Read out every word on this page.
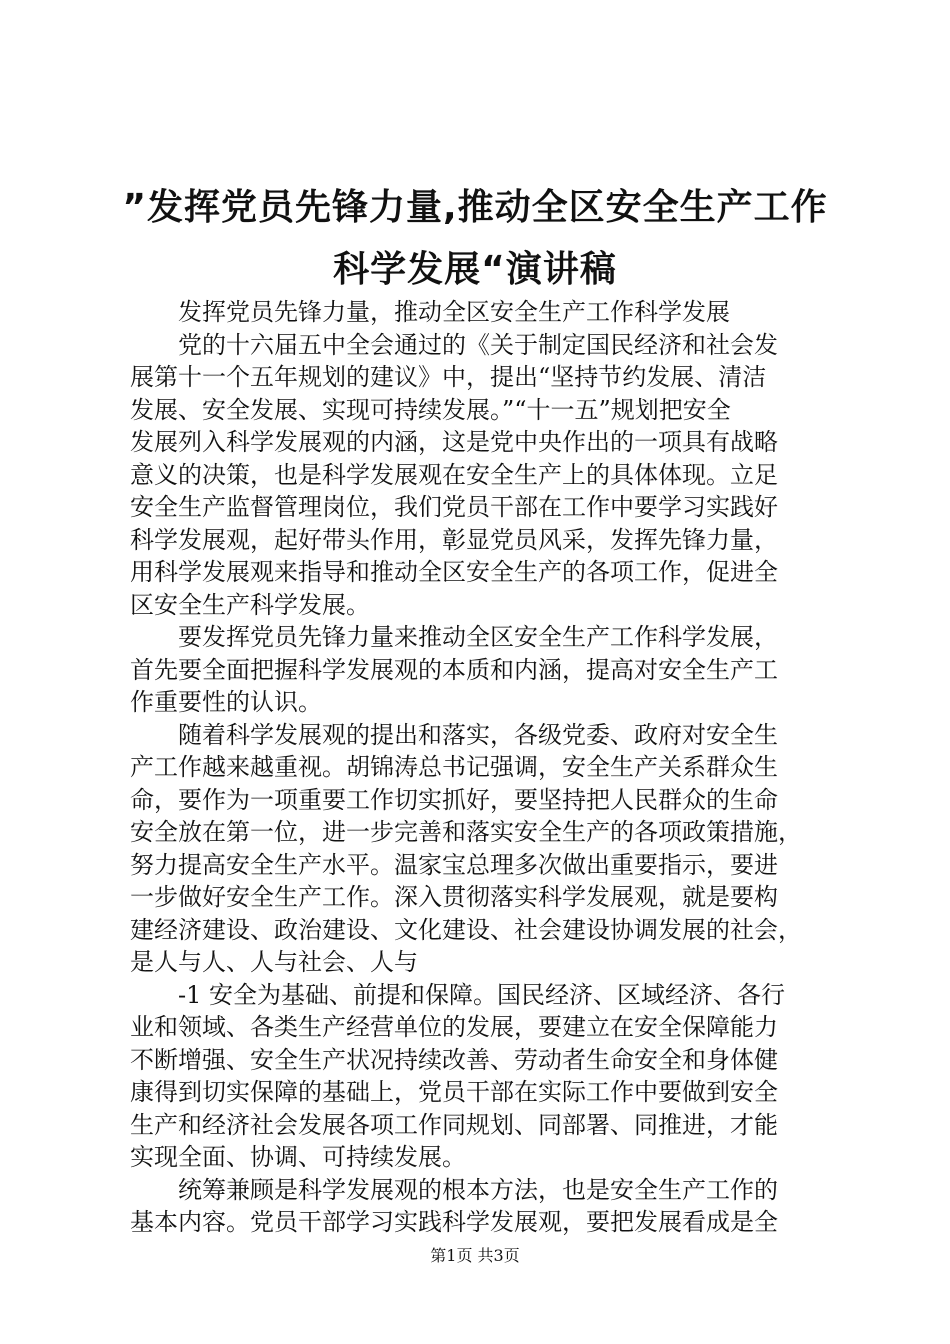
”发挥党员先锋力量,推动全区安全生产工作
科学发展“演讲稿
发挥党员先锋力量，推动全区安全生产工作科学发展
党的十六届五中全会通过的《关于制定国民经济和社会发
展第十一个五年规划的建议》中，提出“坚持节约发展、清洁
发展、安全发展、实现可持续发展。”“十一五”规划把安全
发展列入科学发展观的内涵，这是党中央作出的一项具有战略
意义的决策，也是科学发展观在安全生产上的具体体现。立足
安全生产监督管理岗位，我们党员干部在工作中要学习实践好
科学发展观，起好带头作用，彰显党员风采，发挥先锋力量，
用科学发展观来指导和推动全区安全生产的各项工作，促进全
区安全生产科学发展。
要发挥党员先锋力量来推动全区安全生产工作科学发展，
首先要全面把握科学发展观的本质和内涵，提高对安全生产工
作重要性的认识。
随着科学发展观的提出和落实，各级党委、政府对安全生
产工作越来越重视。胡锦涛总书记强调，安全生产关系群众生
命，要作为一项重要工作切实抓好，要坚持把人民群众的生命
安全放在第一位，进一步完善和落实安全生产的各项政策措施，
努力提高安全生产水平。温家宝总理多次做出重要指示，要进
一步做好安全生产工作。深入贯彻落实科学发展观，就是要构
建经济建设、政治建设、文化建设、社会建设协调发展的社会，
是人与人、人与社会、人与
-1 安全为基础、前提和保障。国民经济、区域经济、各行
业和领域、各类生产经营单位的发展，要建立在安全保障能力
不断增强、安全生产状况持续改善、劳动者生命安全和身体健
康得到切实保障的基础上，党员干部在实际工作中要做到安全
生产和经济社会发展各项工作同规划、同部署、同推进，才能
实现全面、协调、可持续发展。
统筹兼顾是科学发展观的根本方法，也是安全生产工作的
基本内容。党员干部学习实践科学发展观，要把发展看成是全
第1页 共3页
